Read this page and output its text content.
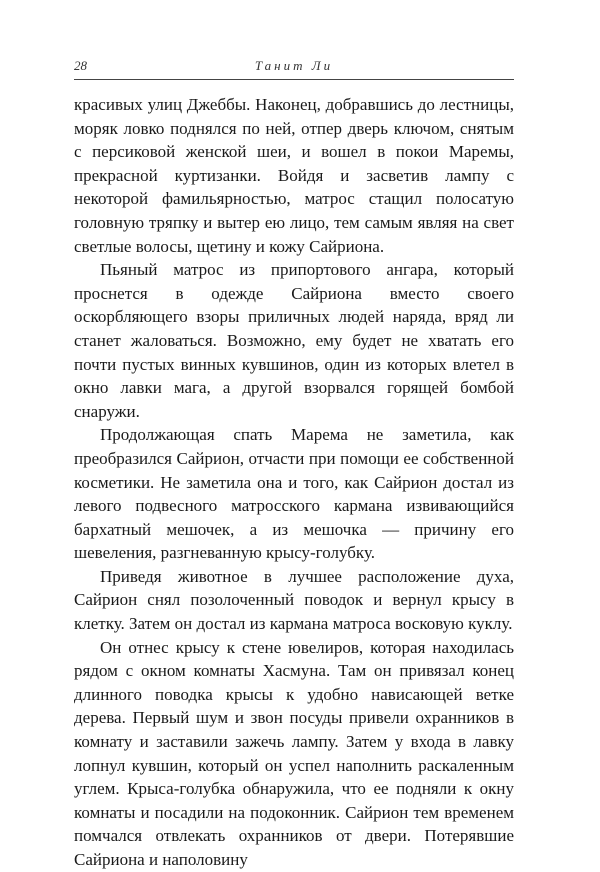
28	Танит Ли

красивых улиц Джеббы. Наконец, добравшись до лестницы, моряк ловко поднялся по ней, отпер дверь ключом, снятым с персиковой женской шеи, и вошел в покои Маремы, прекрасной куртизанки. Войдя и засветив лампу с некоторой фамильярностью, матрос стащил полосатую головную тряпку и вытер ею лицо, тем самым являя на свет светлые волосы, щетину и кожу Сайриона.

Пьяный матрос из припортового ангара, который проснется в одежде Сайриона вместо своего оскорбляющего взоры приличных людей наряда, вряд ли станет жаловаться. Возможно, ему будет не хватать его почти пустых винных кувшинов, один из которых влетел в окно лавки мага, а другой взорвался горящей бомбой снаружи.

Продолжающая спать Марема не заметила, как преобразился Сайрион, отчасти при помощи ее собственной косметики. Не заметила она и того, как Сайрион достал из левого подвесного матросского кармана извивающийся бархатный мешочек, а из мешочка — причину его шевеления, разгневанную крысу-голубку.

Приведя животное в лучшее расположение духа, Сайрион снял позолоченный поводок и вернул крысу в клетку. Затем он достал из кармана матроса восковую куклу.

Он отнес крысу к стене ювелиров, которая находилась рядом с окном комнаты Хасмуна. Там он привязал конец длинного поводка крысы к удобно нависающей ветке дерева. Первый шум и звон посуды привели охранников в комнату и заставили зажечь лампу. Затем у входа в лавку лопнул кувшин, который он успел наполнить раскаленным углем. Крыса-голубка обнаружила, что ее подняли к окну комнаты и посадили на подоконник. Сайрион тем временем помчался отвлекать охранников от двери. Потерявшие Сайриона и наполовину
